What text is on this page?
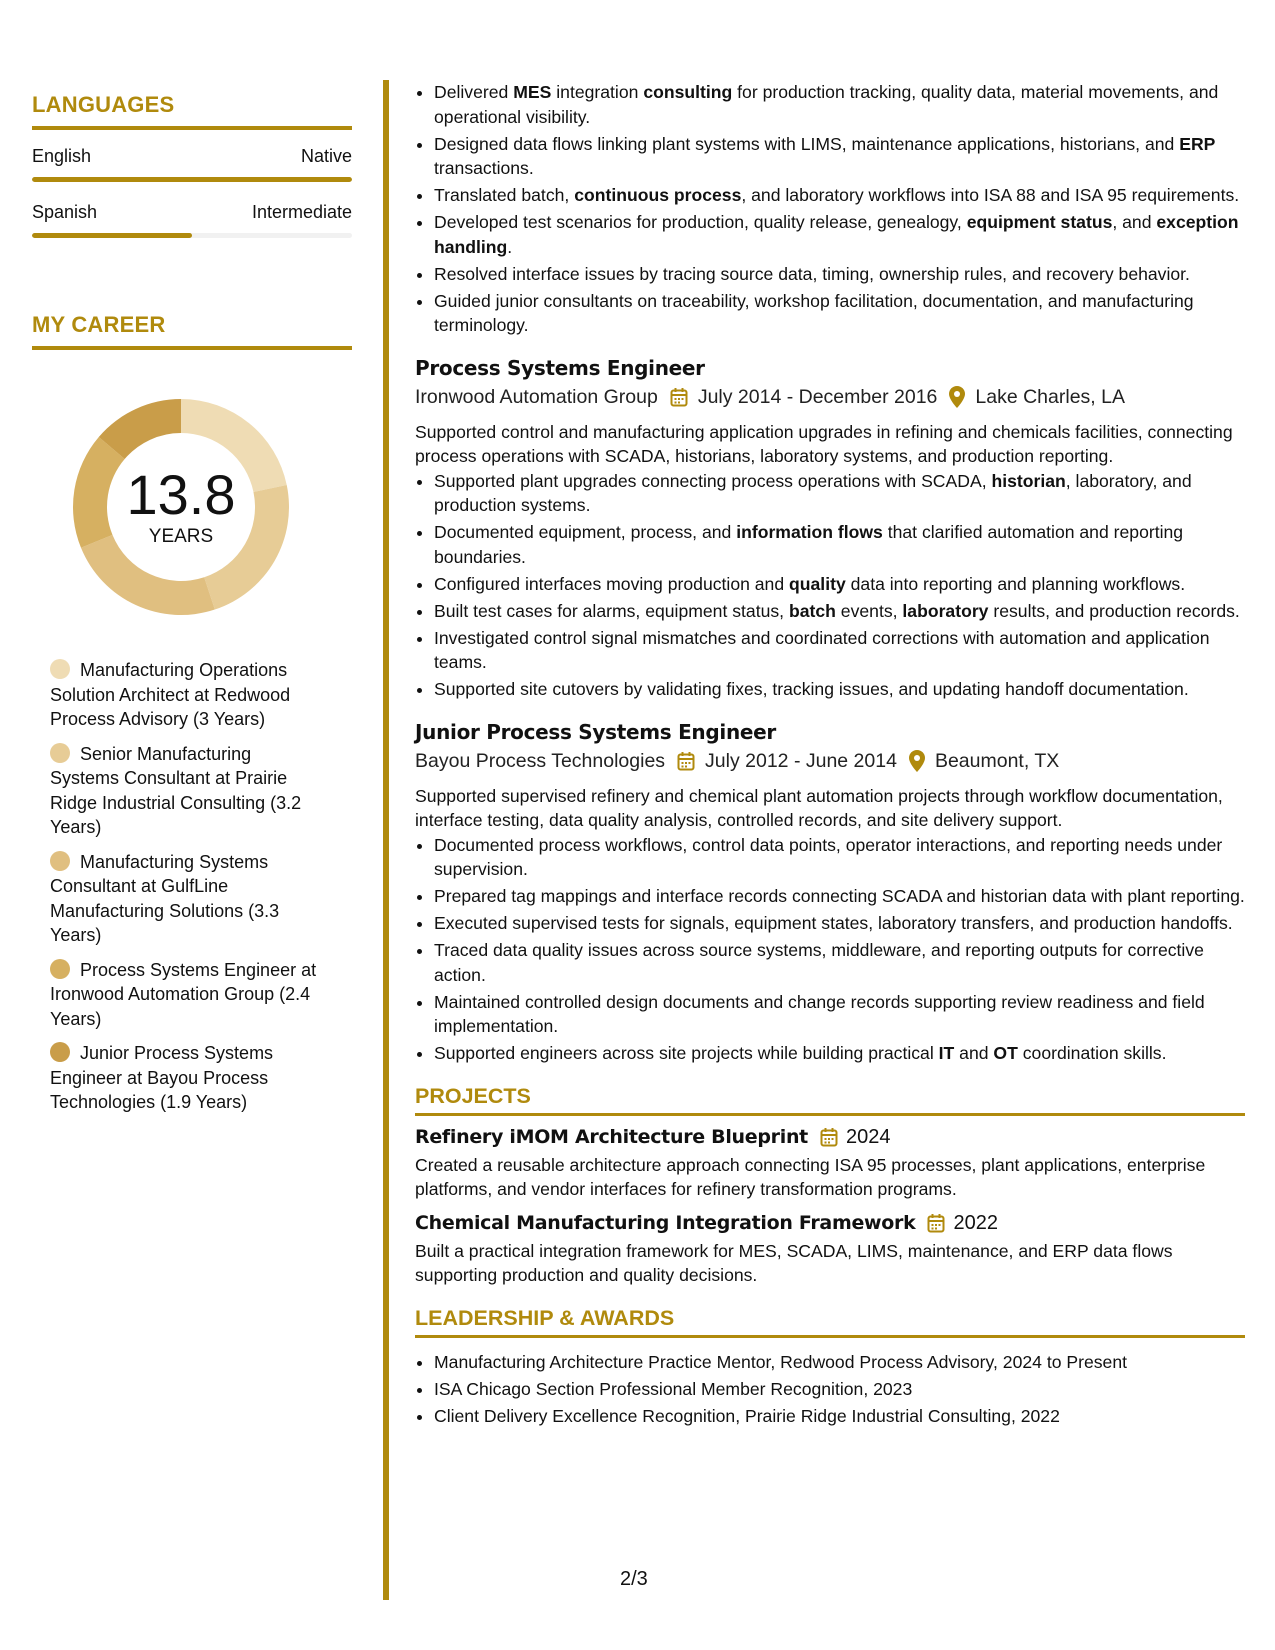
LANGUAGES
English	Native
Spanish	Intermediate
MY CAREER
13.8
YEARS
Manufacturing Operations Solution Architect at Redwood Process Advisory (3 Years)
Senior Manufacturing Systems Consultant at Prairie Ridge Industrial Consulting (3.2 Years)
Manufacturing Systems Consultant at GulfLine Manufacturing Solutions (3.3 Years)
Process Systems Engineer at Ironwood Automation Group (2.4 Years)
Junior Process Systems Engineer at Bayou Process Technologies (1.9 Years)
• Delivered MES integration consulting for production tracking, quality data, material movements, and operational visibility.
• Designed data flows linking plant systems with LIMS, maintenance applications, historians, and ERP transactions.
• Translated batch, continuous process, and laboratory workflows into ISA 88 and ISA 95 requirements.
• Developed test scenarios for production, quality release, genealogy, equipment status, and exception handling.
• Resolved interface issues by tracing source data, timing, ownership rules, and recovery behavior.
• Guided junior consultants on traceability, workshop facilitation, documentation, and manufacturing terminology.
Process Systems Engineer
Ironwood Automation Group July 2014 - December 2016 Lake Charles, LA
Supported control and manufacturing application upgrades in refining and chemicals facilities, connecting process operations with SCADA, historians, laboratory systems, and production reporting.
• Supported plant upgrades connecting process operations with SCADA, historian, laboratory, and production systems.
• Documented equipment, process, and information flows that clarified automation and reporting boundaries.
• Configured interfaces moving production and quality data into reporting and planning workflows.
• Built test cases for alarms, equipment status, batch events, laboratory results, and production records.
• Investigated control signal mismatches and coordinated corrections with automation and application teams.
• Supported site cutovers by validating fixes, tracking issues, and updating handoff documentation.
Junior Process Systems Engineer
Bayou Process Technologies July 2012 - June 2014 Beaumont, TX
Supported supervised refinery and chemical plant automation projects through workflow documentation, interface testing, data quality analysis, controlled records, and site delivery support.
• Documented process workflows, control data points, operator interactions, and reporting needs under supervision.
• Prepared tag mappings and interface records connecting SCADA and historian data with plant reporting.
• Executed supervised tests for signals, equipment states, laboratory transfers, and production handoffs.
• Traced data quality issues across source systems, middleware, and reporting outputs for corrective action.
• Maintained controlled design documents and change records supporting review readiness and field implementation.
• Supported engineers across site projects while building practical IT and OT coordination skills.
PROJECTS
Refinery iMOM Architecture Blueprint 2024
Created a reusable architecture approach connecting ISA 95 processes, plant applications, enterprise platforms, and vendor interfaces for refinery transformation programs.
Chemical Manufacturing Integration Framework 2022
Built a practical integration framework for MES, SCADA, LIMS, maintenance, and ERP data flows supporting production and quality decisions.
LEADERSHIP & AWARDS
• Manufacturing Architecture Practice Mentor, Redwood Process Advisory, 2024 to Present
• ISA Chicago Section Professional Member Recognition, 2023
• Client Delivery Excellence Recognition, Prairie Ridge Industrial Consulting, 2022
2/3
